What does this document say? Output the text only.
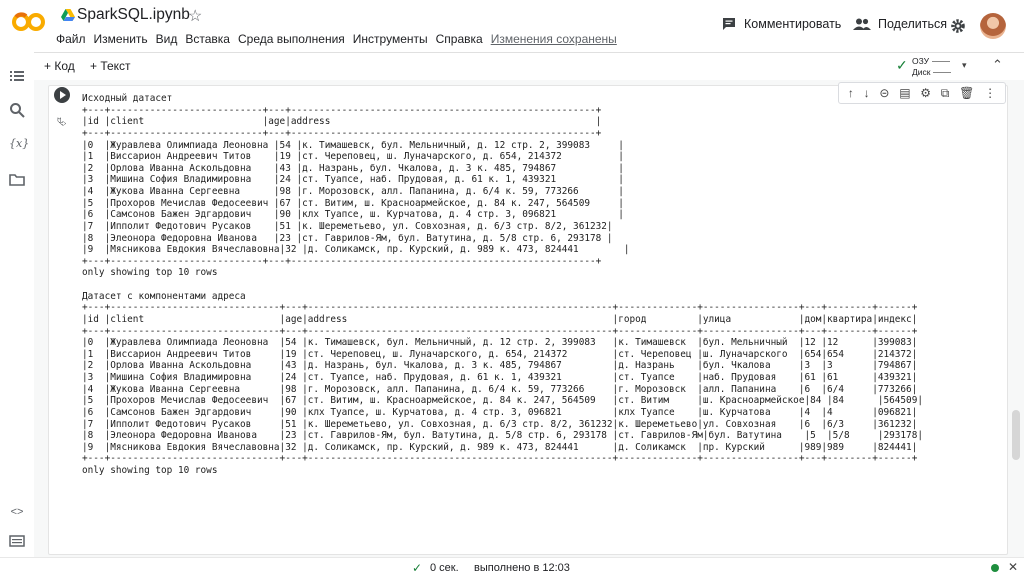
SparkSQL.ipynb
☆
Файл Изменить Вид Вставка Среда выполнения Инструменты Справка Изменения сохранены
Комментировать	Поделиться
+ Код + Текст	✓ ОЗУ
Диск
▾ ⌃
{x}
<>
⮱
↑ ↓ ⊝ ▤ ⚙ ⧉ 🗑 ⋮
Исходный датасет
+---+---------------------------+---+------------------------------------------------------+
|id |client                     |age|address                                               |
+---+---------------------------+---+------------------------------------------------------+
|0  |Журавлева Олимпиада Леоновна |54 |к. Тимашевск, бул. Мельничный, д. 12 стр. 2, 399083     |
|1  |Виссарион Андреевич Титов    |19 |ст. Череповец, ш. Луначарского, д. 654, 214372          |
|2  |Орлова Иванна Аскольдовна    |43 |д. Назрань, бул. Чкалова, д. 3 к. 485, 794867           |
|3  |Мишина София Владимировна    |24 |ст. Туапсе, наб. Прудовая, д. 61 к. 1, 439321           |
|4  |Жукова Иванна Сергеевна      |98 |г. Морозовск, алл. Папанина, д. 6/4 к. 59, 773266       |
|5  |Прохоров Мечислав Федосеевич |67 |ст. Витим, ш. Красноармейское, д. 84 к. 247, 564509     |
|6  |Самсонов Бажен Эдгардович    |90 |клх Туапсе, ш. Курчатова, д. 4 стр. 3, 096821           |
|7  |Ипполит Федотович Русаков    |51 |к. Шереметьево, ул. Совхозная, д. 6/3 стр. 8/2, 361232|
|8  |Элеонора Федоровна Иванова   |23 |ст. Гаврилов-Ям, бул. Ватутина, д. 5/8 стр. 6, 293178 |
|9  |Мясникова Евдокия Вячеславовна|32 |д. Соликамск, пр. Курский, д. 989 к. 473, 824441        |
+---+---------------------------+---+------------------------------------------------------+
only showing top 10 rows
Датасет с компонентами адреса
+---+------------------------------+---+------------------------------------------------------+--------------+-----------------+---+--------+------+
|id |client                        |age|address                                               |город         |улица            |дом|квартира|индекс|
+---+------------------------------+---+------------------------------------------------------+--------------+-----------------+---+--------+------+
|0  |Журавлева Олимпиада Леоновна  |54 |к. Тимашевск, бул. Мельничный, д. 12 стр. 2, 399083   |к. Тимашевск  |бул. Мельничный  |12 |12      |399083|
|1  |Виссарион Андреевич Титов     |19 |ст. Череповец, ш. Луначарского, д. 654, 214372        |ст. Череповец |ш. Луначарского  |654|654     |214372|
|2  |Орлова Иванна Аскольдовна     |43 |д. Назрань, бул. Чкалова, д. 3 к. 485, 794867         |д. Назрань    |бул. Чкалова     |3  |3       |794867|
|3  |Мишина София Владимировна     |24 |ст. Туапсе, наб. Прудовая, д. 61 к. 1, 439321         |ст. Туапсе    |наб. Прудовая    |61 |61      |439321|
|4  |Жукова Иванна Сергеевна       |98 |г. Морозовск, алл. Папанина, д. 6/4 к. 59, 773266     |г. Морозовск  |алл. Папанина    |6  |6/4     |773266|
|5  |Прохоров Мечислав Федосеевич  |67 |ст. Витим, ш. Красноармейское, д. 84 к. 247, 564509   |ст. Витим     |ш. Красноармейское|84 |84      |564509|
|6  |Самсонов Бажен Эдгардович     |90 |клх Туапсе, ш. Курчатова, д. 4 стр. 3, 096821         |клх Туапсе    |ш. Курчатова     |4  |4       |096821|
|7  |Ипполит Федотович Русаков     |51 |к. Шереметьево, ул. Совхозная, д. 6/3 стр. 8/2, 361232|к. Шереметьево|ул. Совхозная    |6  |6/3     |361232|
|8  |Элеонора Федоровна Иванова    |23 |ст. Гаврилов-Ям, бул. Ватутина, д. 5/8 стр. 6, 293178 |ст. Гаврилов-Ям|бул. Ватутина    |5  |5/8     |293178|
|9  |Мясникова Евдокия Вячеславовна|32 |д. Соликамск, пр. Курский, д. 989 к. 473, 824441      |д. Соликамск  |пр. Курский      |989|989     |824441|
+---+------------------------------+---+------------------------------------------------------+--------------+-----------------+---+--------+------+
only showing top 10 rows
✓ 0 сек. выполнено в 12:03	✕
